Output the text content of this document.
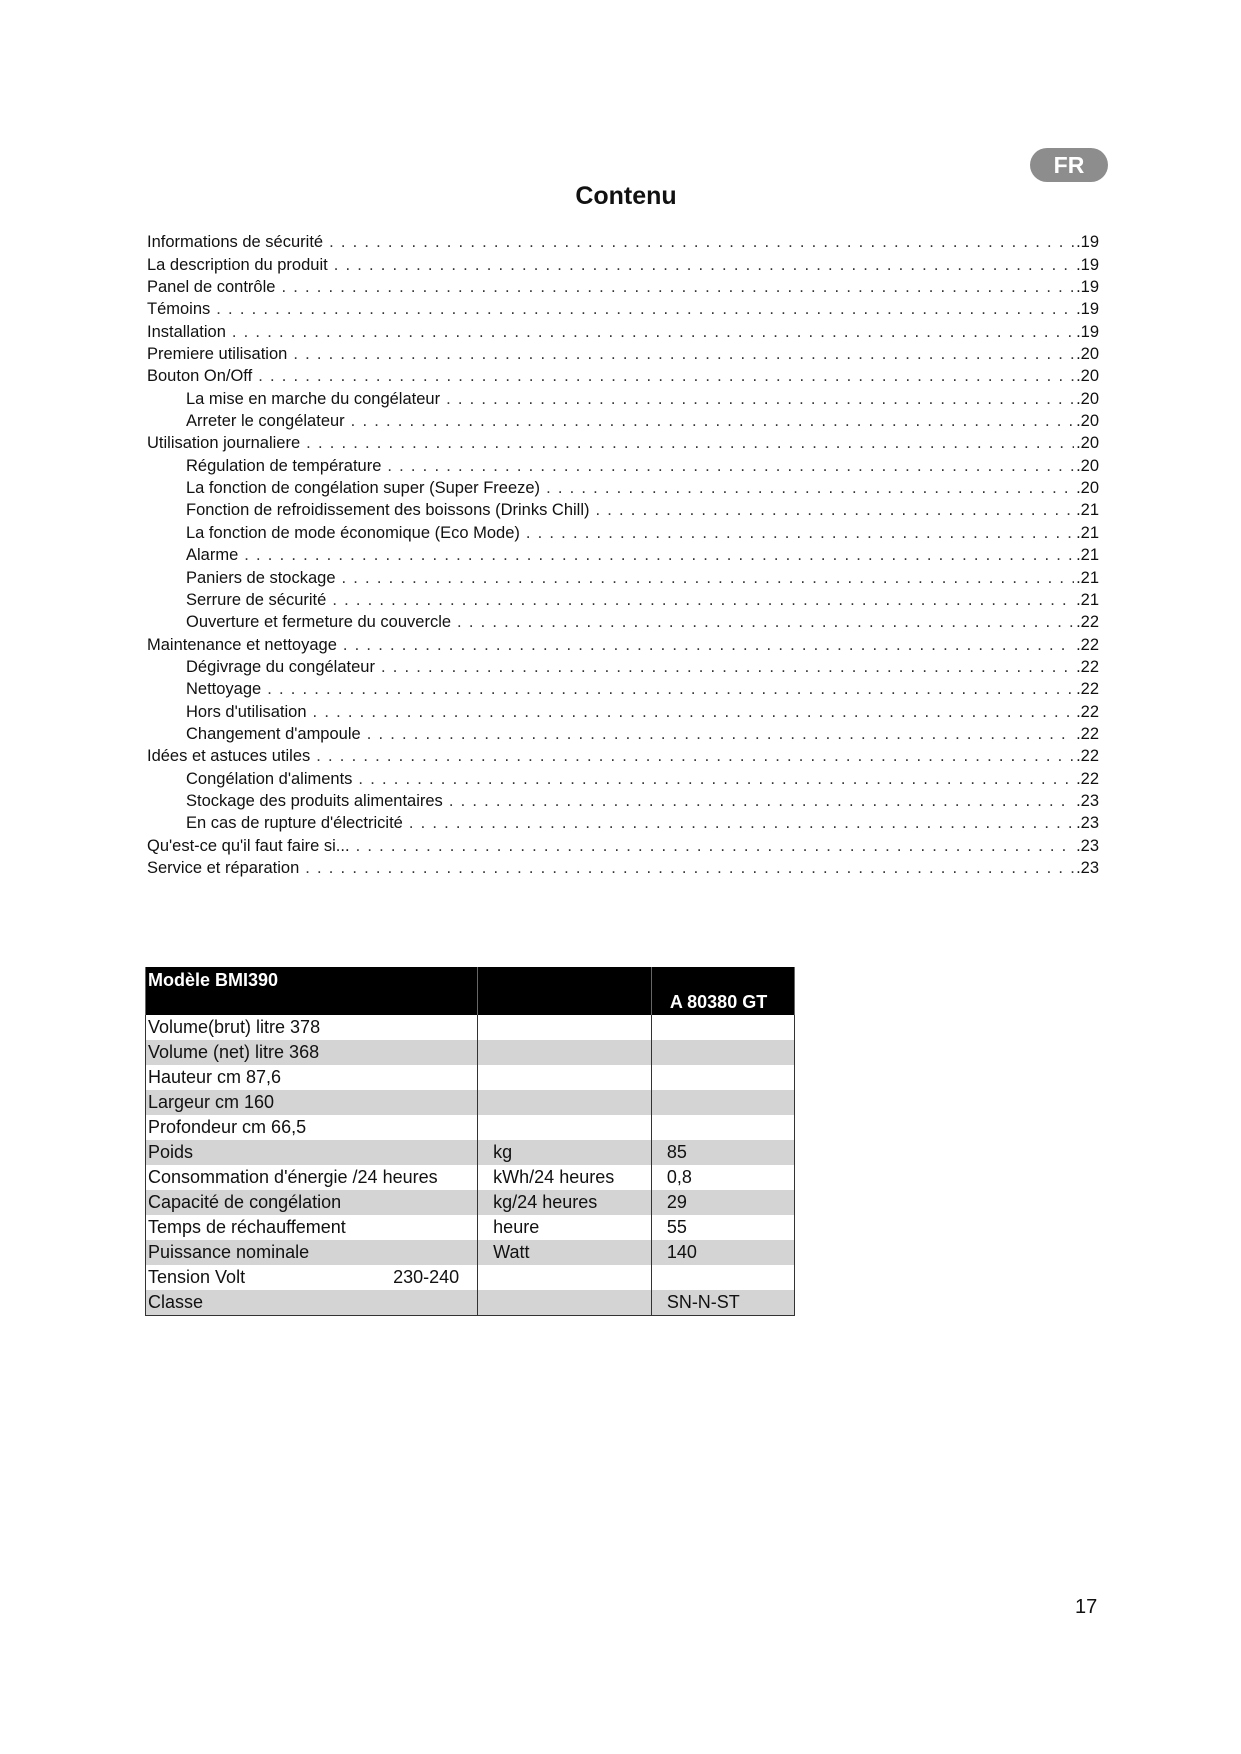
FR
Contenu
Informations de sécurité . . .	.19
La description du produit . . .	.19
Panel de contrôle . . .	.19
Témoins . . .	.19
Installation . . .	.19
Premiere utilisation . . .	.20
Bouton On/Off . . .	.20
La mise en marche du congélateur . . .	.20
Arreter le congélateur . . .	.20
Utilisation journaliere . . .	.20
Régulation de température . . .	.20
La fonction de congélation super (Super Freeze) . . .	.20
Fonction de refroidissement des boissons (Drinks Chill) . . .	.21
La fonction de mode économique (Eco Mode) . . .	.21
Alarme . . .	.21
Paniers de stockage . . .	.21
Serrure de sécurité . . .	.21
Ouverture et fermeture du couvercle . . .	.22
Maintenance et nettoyage . . .	.22
Dégivrage du congélateur . . .	.22
Nettoyage . . .	.22
Hors d'utilisation . . .	.22
Changement d'ampoule . . .	.22
Idées et astuces utiles . . .	.22
Congélation d'aliments . . .	.22
Stockage des produits alimentaires . . .	.23
En cas de rupture d'électricité . . .	.23
Qu'est-ce qu'il faut faire si... . . .	.23
Service et réparation . . .	.23
Modèle BMI390		A 80380 GT
Volume(brut) litre 378		
Volume (net) litre 368		
Hauteur cm 87,6		
Largeur cm 160		
Profondeur cm 66,5		
Poids	kg	85
Consommation d'énergie /24 heures	kWh/24 heures	0,8
Capacité de congélation	kg/24 heures	29
Temps de réchauffement	heure	55
Puissance nominale	Watt	140
Tension Volt 230-240		

Classe		SN-N-ST
17
